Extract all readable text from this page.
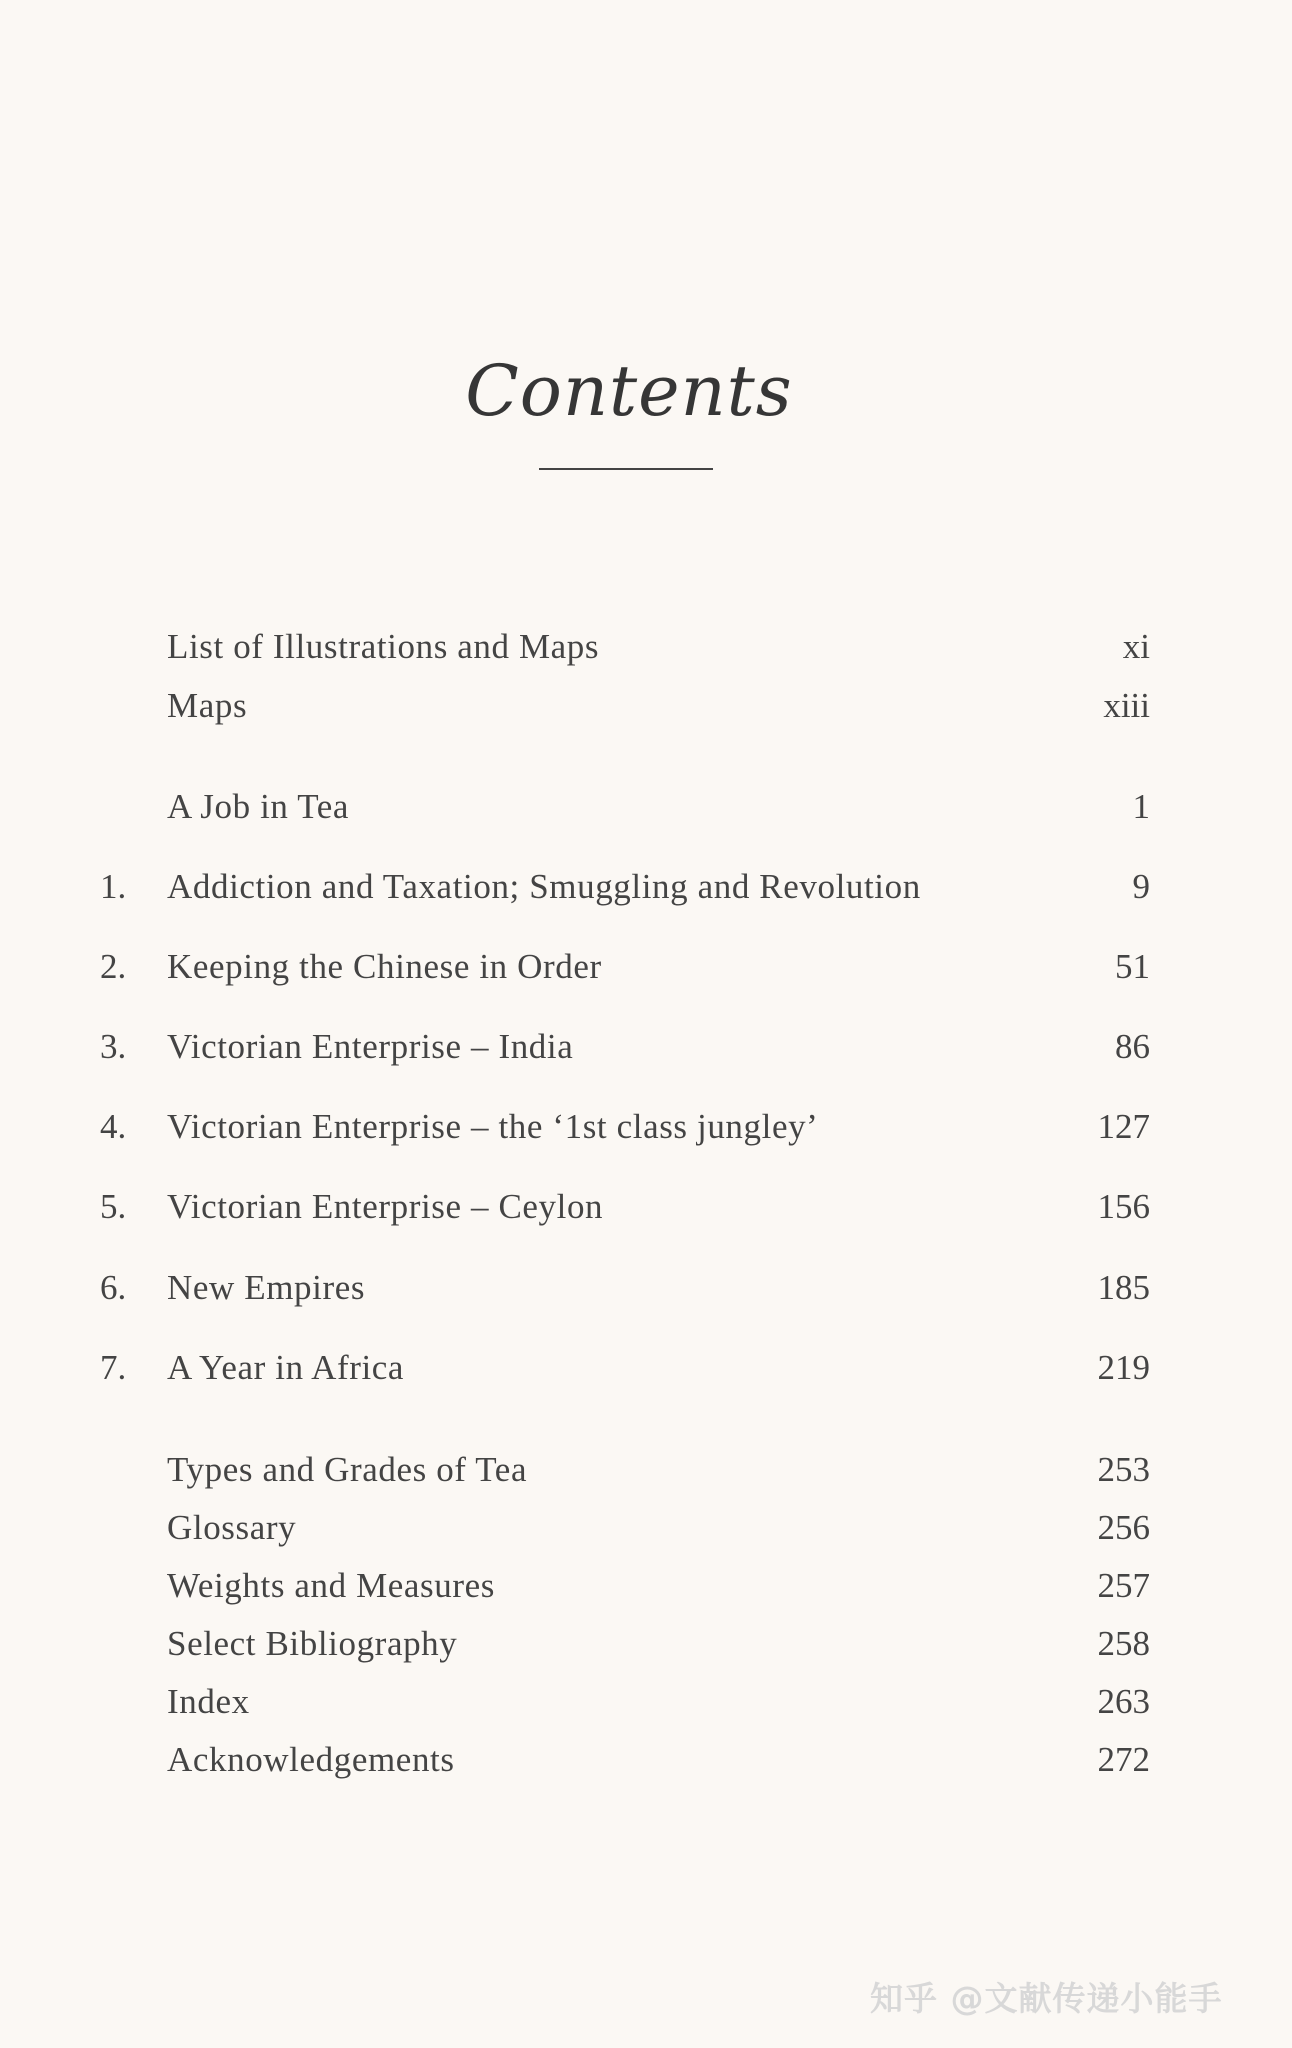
Contents
List of Illustrations and Maps	xi
Maps	xiii
A Job in Tea	1
1. Addiction and Taxation; Smuggling and Revolution	9
2. Keeping the Chinese in Order	51
3. Victorian Enterprise – India	86
4. Victorian Enterprise – the ‘1st class jungley’	127
5. Victorian Enterprise – Ceylon	156
6. New Empires	185
7. A Year in Africa	219
Types and Grades of Tea	253
Glossary	256
Weights and Measures	257
Select Bibliography	258
Index	263
Acknowledgements	272
知乎 @文献传递小能手
